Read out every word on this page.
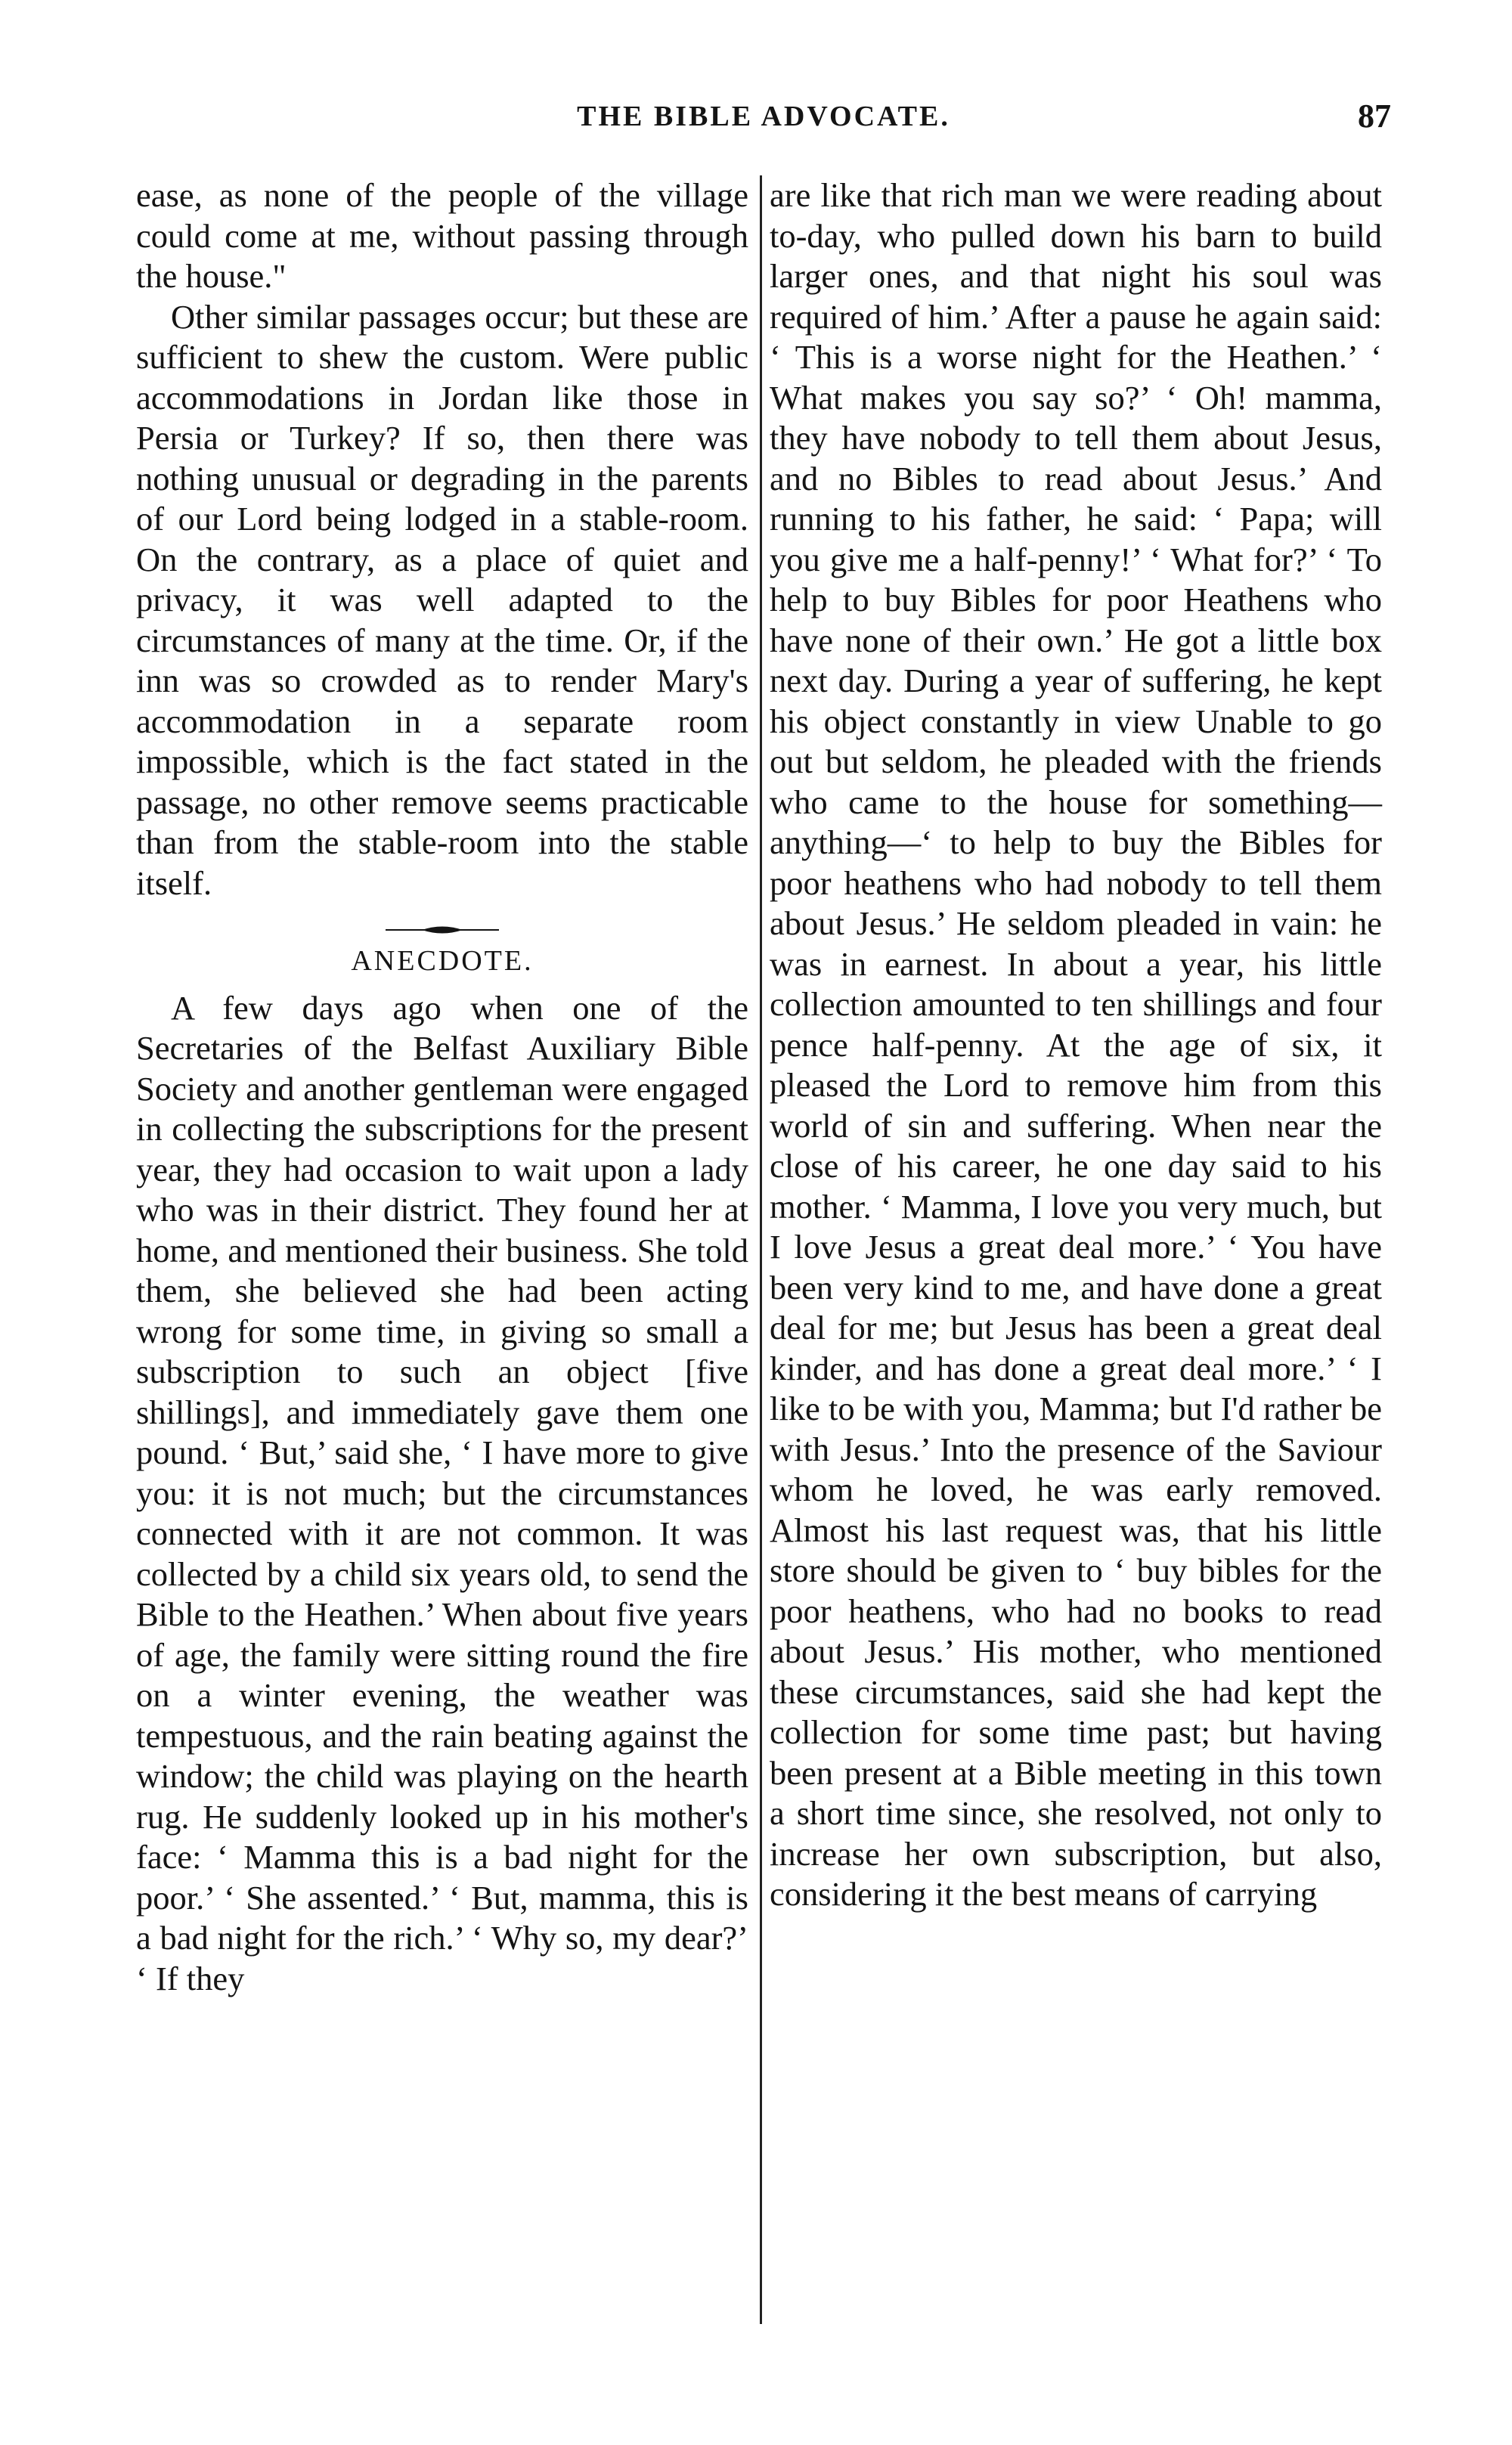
THE BIBLE ADVOCATE.	87

ease, as none of the people of the village could come at me, without passing through the house."

Other similar passages occur; but these are sufficient to shew the custom. Were public accommodations in Jordan like those in Persia or Turkey? If so, then there was nothing unusual or degrading in the parents of our Lord being lodged in a stable-room. On the contrary, as a place of quiet and privacy, it was well adapted to the circumstances of many at the time. Or, if the inn was so crowded as to render Mary's accommodation in a separate room impossible, which is the fact stated in the passage, no other remove seems practicable than from the stable-room into the stable itself.

ANECDOTE.

A few days ago when one of the Secretaries of the Belfast Auxiliary Bible Society and another gentleman were engaged in collecting the subscriptions for the present year, they had occasion to wait upon a lady who was in their district. They found her at home, and mentioned their business. She told them, she believed she had been acting wrong for some time, in giving so small a subscription to such an object [five shillings], and immediately gave them one pound. ‘ But,’ said she, ‘ I have more to give you: it is not much; but the circumstances connected with it are not common. It was collected by a child six years old, to send the Bible to the Heathen.’ When about five years of age, the family were sitting round the fire on a winter evening, the weather was tempestuous, and the rain beating against the window; the child was playing on the hearth rug. He suddenly looked up in his mother's face: ‘ Mamma this is a bad night for the poor.’ ‘ She assented.’ ‘ But, mamma, this is a bad night for the rich.’ ‘ Why so, my dear?’ ‘ If they

are like that rich man we were reading about to-day, who pulled down his barn to build larger ones, and that night his soul was required of him.’ After a pause he again said: ‘ This is a worse night for the Heathen.’ ‘ What makes you say so?’ ‘ Oh! mamma, they have nobody to tell them about Jesus, and no Bibles to read about Jesus.’ And running to his father, he said: ‘ Papa; will you give me a half-penny!’ ‘ What for?’ ‘ To help to buy Bibles for poor Heathens who have none of their own.’ He got a little box next day. During a year of suffering, he kept his object constantly in view Unable to go out but seldom, he pleaded with the friends who came to the house for something—anything—‘ to help to buy the Bibles for poor heathens who had nobody to tell them about Jesus.’ He seldom pleaded in vain: he was in earnest. In about a year, his little collection amounted to ten shillings and four pence half-penny. At the age of six, it pleased the Lord to remove him from this world of sin and suffering. When near the close of his career, he one day said to his mother. ‘ Mamma, I love you very much, but I love Jesus a great deal more.’ ‘ You have been very kind to me, and have done a great deal for me; but Jesus has been a great deal kinder, and has done a great deal more.’ ‘ I like to be with you, Mamma; but I'd rather be with Jesus.’ Into the presence of the Saviour whom he loved, he was early removed. Almost his last request was, that his little store should be given to ‘ buy bibles for the poor heathens, who had no books to read about Jesus.’ His mother, who mentioned these circumstances, said she had kept the collection for some time past; but having been present at a Bible meeting in this town a short time since, she resolved, not only to increase her own subscription, but also, considering it the best means of carrying
